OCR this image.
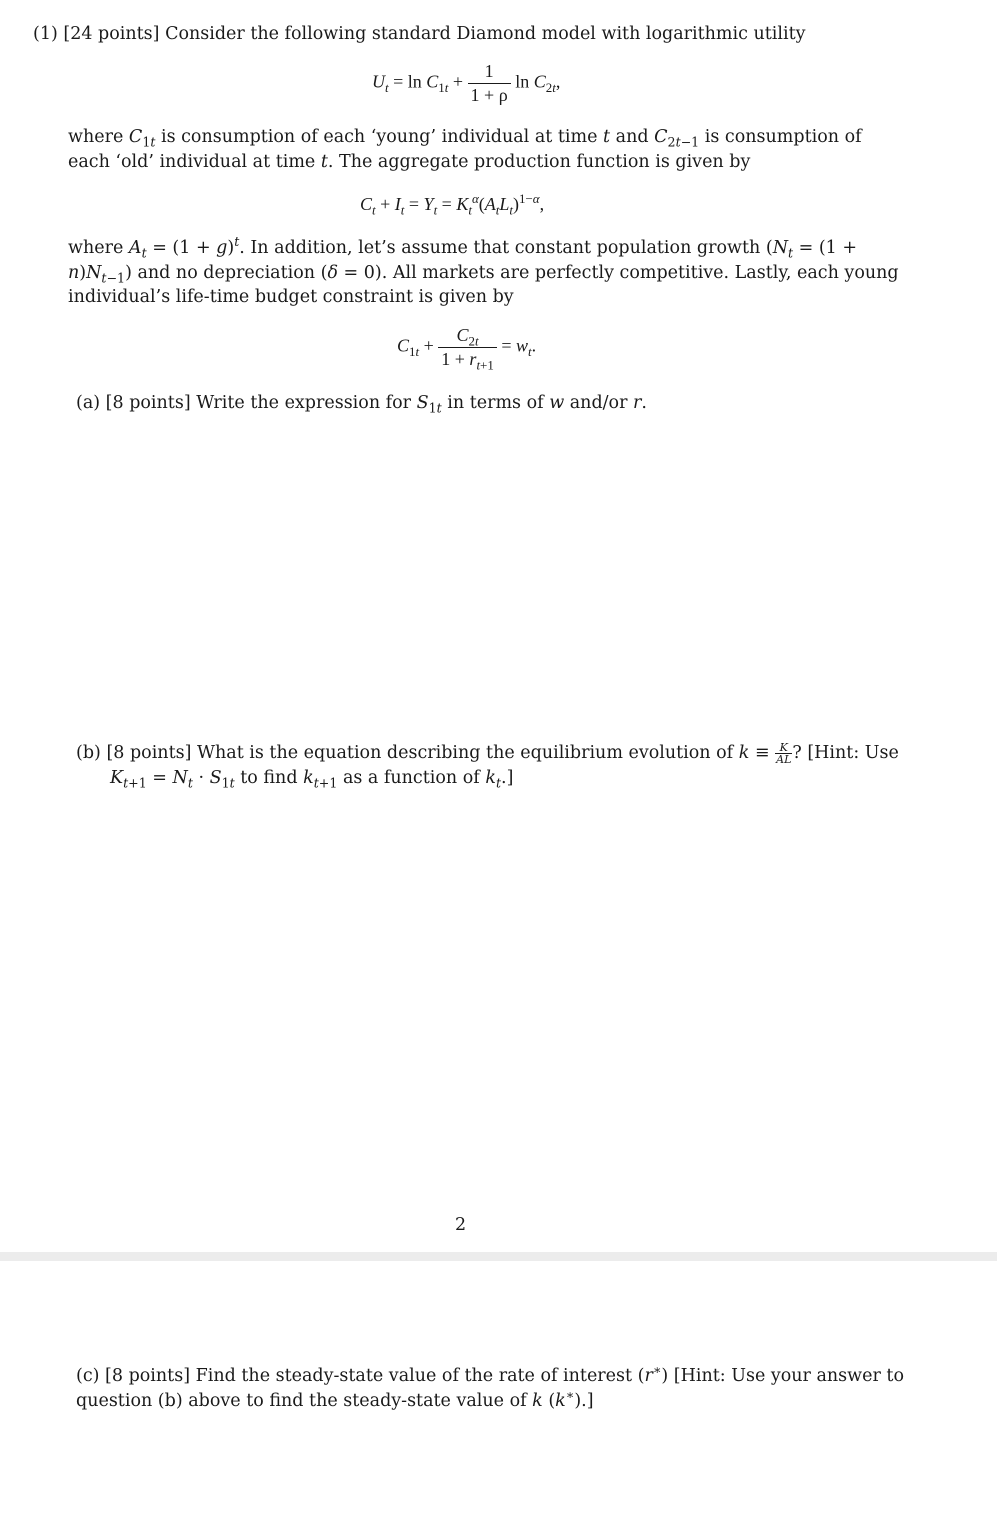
(1) [24 points] Consider the following standard Diamond model with logarithmic utility
$U_t = \ln C_{1t} + \frac{1}{1 + \rho}$ $\ln C_{2t}$,
where $C_{1t}$ is consumption of each ‘young’ individual at time t and $C_{2t-1}$ is consumption of each ‘old’ individual at time t. The aggregate production function is given by
$C_t + I_t = Y_t = K_t^\alpha(A_tL_t)^{1-\alpha}$,
where $A_t = (1 + g)^t$. In addition, let’s assume that constant population growth $(N_t = (1 + n)N_{t-1})$ and no depreciation (δ = 0). All markets are perfectly competitive. Lastly, each young individual’s life-time budget constraint is given by
$C_{1t} + \frac{C_{2t}}{1 + r_{t+1}} = w_t$.
(a) [8 points] Write the expression for $S_{1t}$ in terms of w and/or r.
(b) [8 points] What is the equation describing the equilibrium evolution of $k \equiv \frac{K}{AL}$ ? [Hint: Use
$K_{t+1} = N_t \cdot S_{1t}$ to find $k_{t+1}$ as a function of $k_t$.]
2
(c) [8 points] Find the steady-state value of the rate of interest (r∗) [Hint: Use your answer to question (b) above to find the steady-state value of k (k∗).]
